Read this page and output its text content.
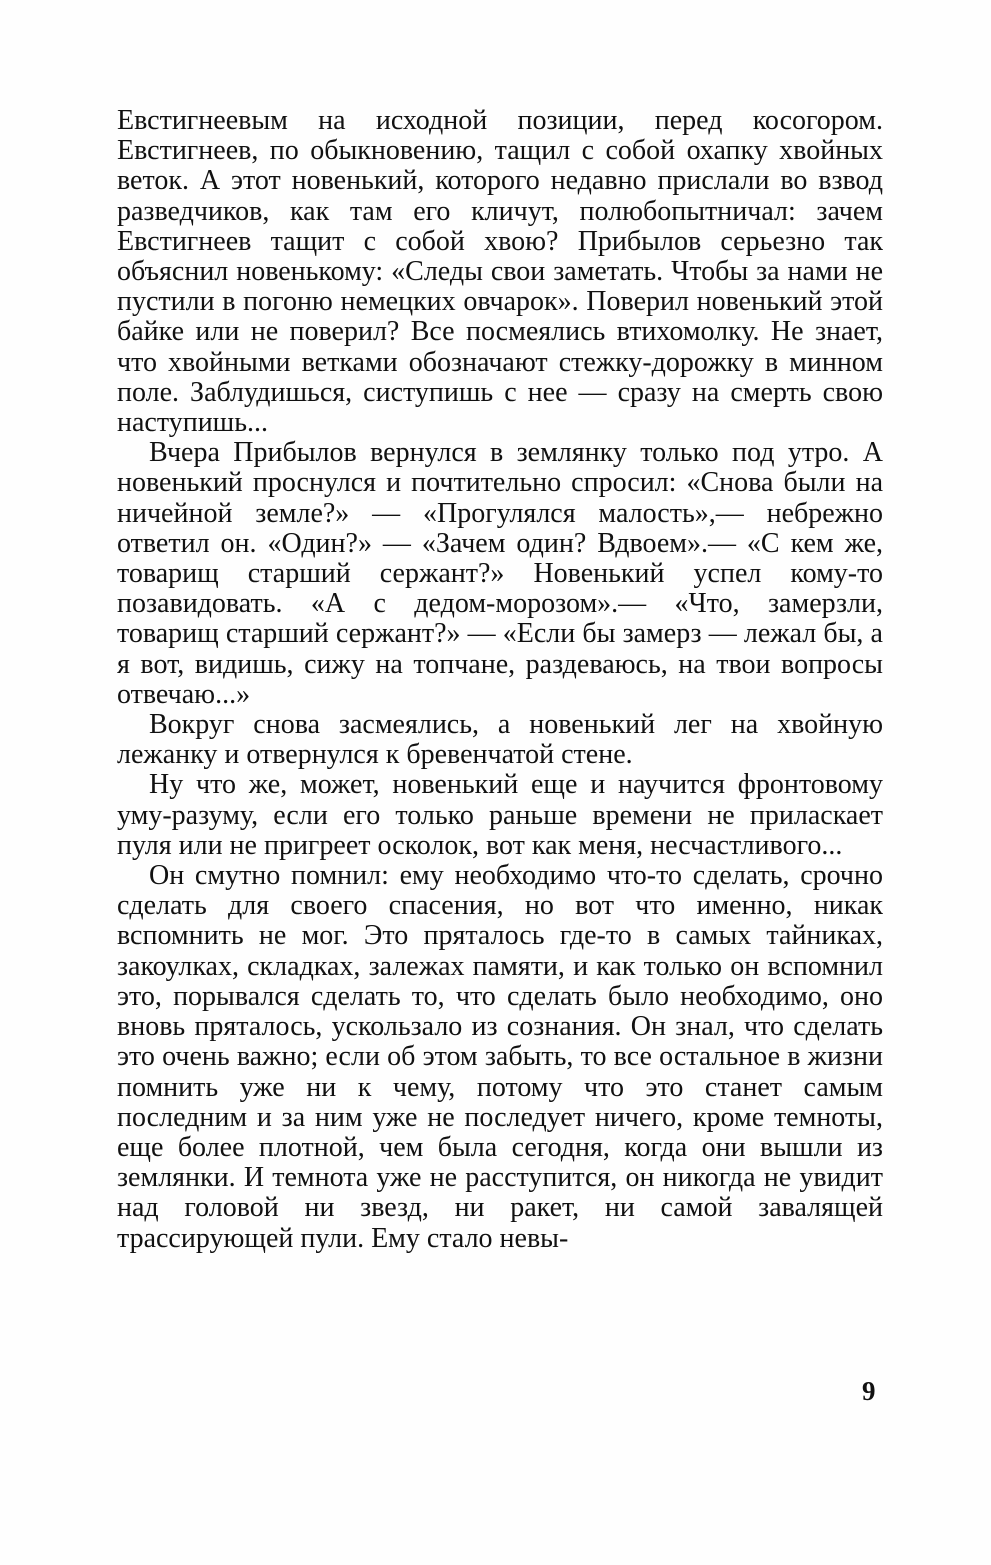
Евстигнеевым на исходной позиции, перед косогором. Евстигнеев, по обыкновению, тащил с собой охапку хвойных веток. А этот новенький, которого недавно прислали во взвод разведчиков, как там его кличут, полюбопытничал: зачем Евстигнеев тащит с собой хвою? Прибылов серьезно так объяснил новенькому: «Следы свои заметать. Чтобы за нами не пустили в погоню немецких овчарок». Поверил новенький этой байке или не поверил? Все посмеялись втихомолку. Не знает, что хвойными ветками обозначают стежку-дорожку в минном поле. Заблудишься, систупишь с нее — сразу на смерть свою наступишь...

Вчера Прибылов вернулся в землянку только под утро. А новенький проснулся и почтительно спросил: «Снова были на ничейной земле?» — «Прогулялся малость»,— небрежно ответил он. «Один?» — «Зачем один? Вдвоем».— «С кем же, товарищ старший сержант?» Новенький успел кому-то позавидовать. «А с дедом-морозом».— «Что, замерзли, товарищ старший сержант?» — «Если бы замерз — лежал бы, а я вот, видишь, сижу на топчане, раздеваюсь, на твои вопросы отвечаю...»

Вокруг снова засмеялись, а новенький лег на хвойную лежанку и отвернулся к бревенчатой стене.

Ну что же, может, новенький еще и научится фронтовому уму-разуму, если его только раньше времени не приласкает пуля или не пригреет осколок, вот как меня, несчастливого...

Он смутно помнил: ему необходимо что-то сделать, срочно сделать для своего спасения, но вот что именно, никак вспомнить не мог. Это пряталось где-то в самых тайниках, закоулках, складках, залежах памяти, и как только он вспомнил это, порывался сделать то, что сделать было необходимо, оно вновь пряталось, ускользало из сознания. Он знал, что сделать это очень важно; если об этом забыть, то все остальное в жизни помнить уже ни к чему, потому что это станет самым последним и за ним уже не последует ничего, кроме темноты, еще более плотной, чем была сегодня, когда они вышли из землянки. И темнота уже не расступится, он никогда не увидит над головой ни звезд, ни ракет, ни самой завалящей трассирующей пули. Ему стало невы-

9
